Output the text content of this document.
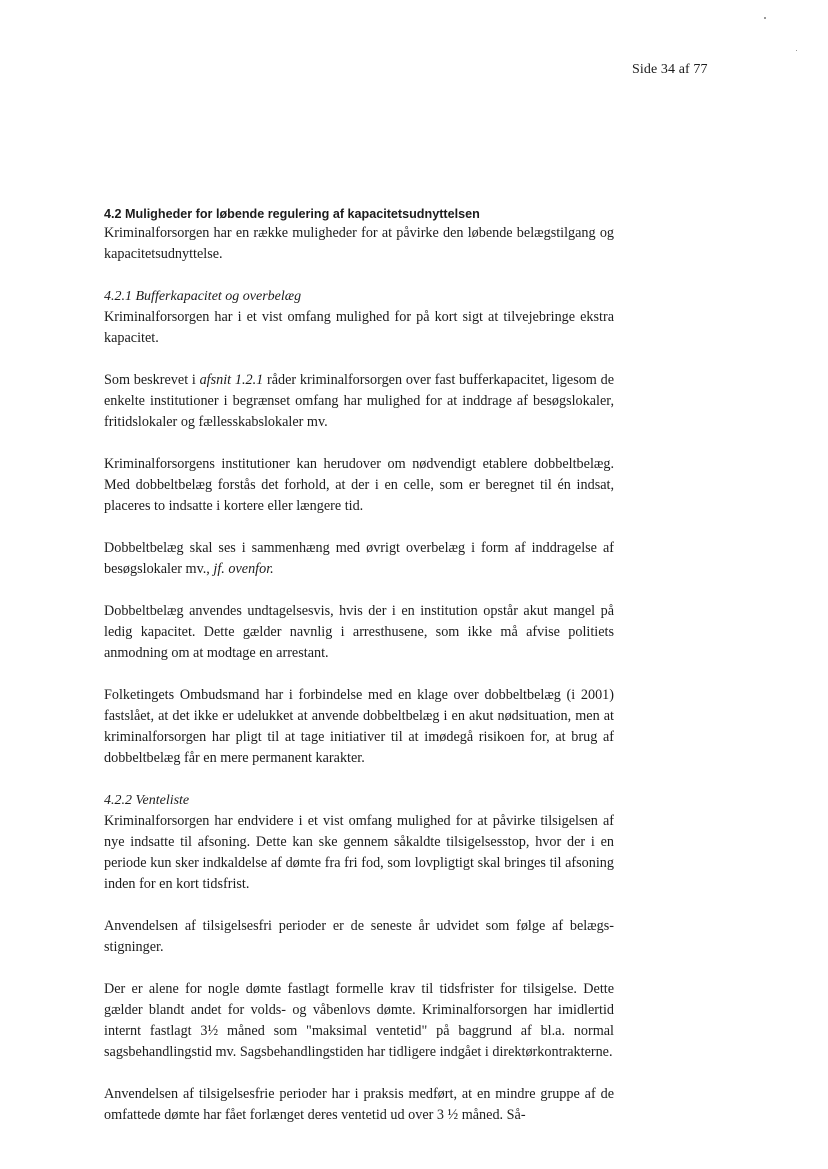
Side 34 af 77
4.2 Muligheder for løbende regulering af kapacitetsudnyttelsen

Kriminalforsorgen har en række muligheder for at påvirke den løbende belægstilgang og kapacitetsudnyttelse.

4.2.1 Bufferkapacitet og overbelæg

Kriminalforsorgen har i et vist omfang mulighed for på kort sigt at tilvejebringe ekstra kapacitet.

Som beskrevet i afsnit 1.2.1 råder kriminalforsorgen over fast bufferkapacitet, ligesom de enkelte institutioner i begrænset omfang har mulighed for at inddrage af besøgslokaler, fritidslokaler og fællesskabslokaler mv.

Kriminalforsorgens institutioner kan herudover om nødvendigt etablere dobbeltbelæg. Med dobbeltbelæg forstås det forhold, at der i en celle, som er beregnet til én indsat, placeres to indsatte i kortere eller længere tid.

Dobbeltbelæg skal ses i sammenhæng med øvrigt overbelæg i form af inddragelse af besøgslokaler mv., jf. ovenfor.

Dobbeltbelæg anvendes undtagelsesvis, hvis der i en institution opstår akut mangel på ledig kapacitet. Dette gælder navnlig i arresthusene, som ikke må afvise politiets anmodning om at modtage en arrestant.

Folketingets Ombudsmand har i forbindelse med en klage over dobbeltbelæg (i 2001) fastslået, at det ikke er udelukket at anvende dobbeltbelæg i en akut nødsituation, men at kriminalforsorgen har pligt til at tage initiativer til at imødegå risikoen for, at brug af dobbeltbelæg får en mere permanent karakter.

4.2.2 Venteliste

Kriminalforsorgen har endvidere i et vist omfang mulighed for at påvirke tilsigelsen af nye indsatte til afsoning. Dette kan ske gennem såkaldte tilsigelsesstop, hvor der i en periode kun sker indkaldelse af dømte fra fri fod, som lovpligtigt skal bringes til afsoning inden for en kort tidsfrist.

Anvendelsen af tilsigelsesfri perioder er de seneste år udvidet som følge af belægsstigninger.

Der er alene for nogle dømte fastlagt formelle krav til tidsfrister for tilsigelse. Dette gælder blandt andet for volds- og våbenlovs dømte. Kriminalforsorgen har imidlertid internt fastlagt 3½ måned som "maksimal ventetid" på baggrund af bl.a. normal sagsbehandlingstid mv. Sagsbehandlingstiden har tidligere indgået i direktørkontrakterne.

Anvendelsen af tilsigelsesfrie perioder har i praksis medført, at en mindre gruppe af de omfattede dømte har fået forlænget deres ventetid ud over 3 ½ måned. Så-
